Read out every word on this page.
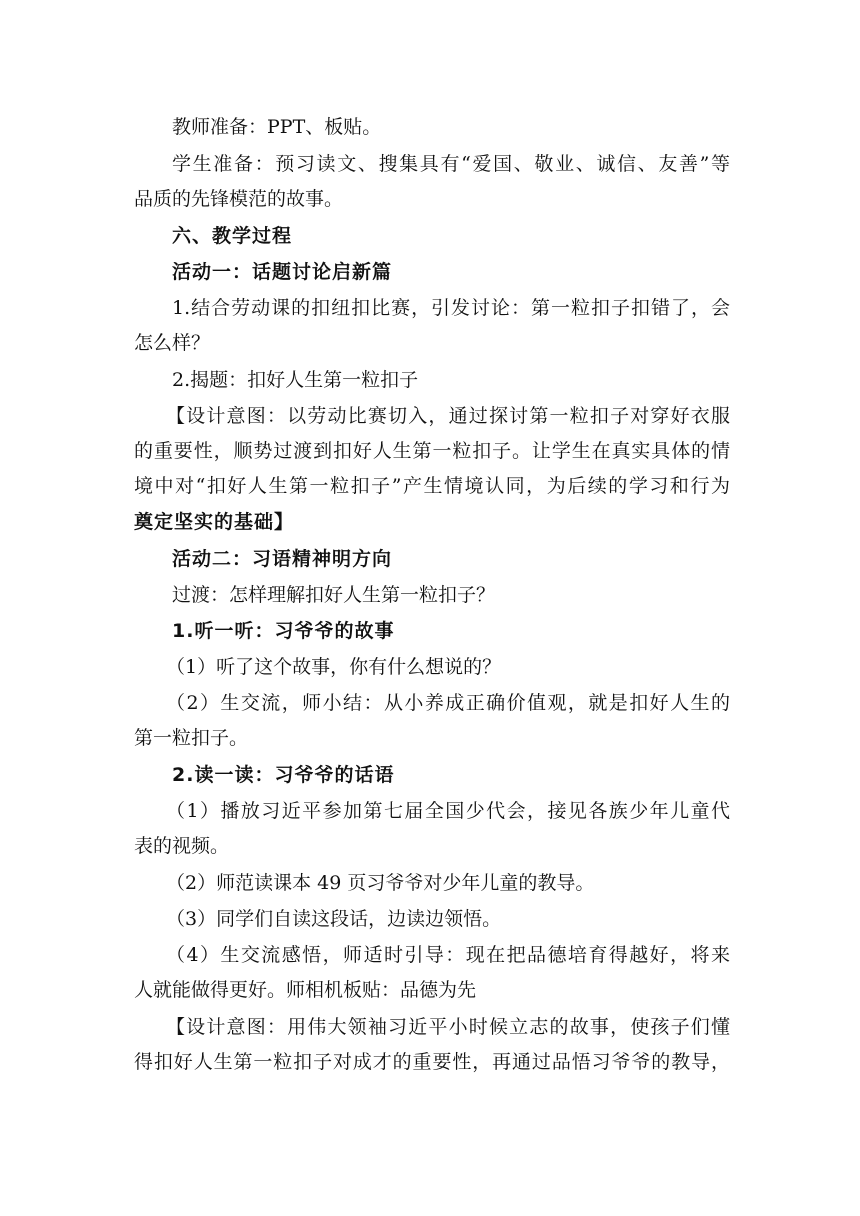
教师准备：PPT、板贴。
学生准备：预习读文、搜集具有“爱国、敬业、诚信、友善”等
品质的先锋模范的故事。
六、教学过程
活动一：话题讨论启新篇
1.结合劳动课的扣纽扣比赛，引发讨论：第一粒扣子扣错了，会
怎么样？
2.揭题：扣好人生第一粒扣子
【设计意图：以劳动比赛切入，通过探讨第一粒扣子对穿好衣服
的重要性，顺势过渡到扣好人生第一粒扣子。让学生在真实具体的情
境中对“扣好人生第一粒扣子”产生情境认同，为后续的学习和行为
奠定坚实的基础】
活动二：习语精神明方向
过渡：怎样理解扣好人生第一粒扣子？
1.听一听：习爷爷的故事
（1）听了这个故事，你有什么想说的？
（2）生交流，师小结：从小养成正确价值观，就是扣好人生的
第一粒扣子。
2.读一读：习爷爷的话语
（1）播放习近平参加第七届全国少代会，接见各族少年儿童代
表的视频。
（2）师范读课本 49 页习爷爷对少年儿童的教导。
（3）同学们自读这段话，边读边领悟。
（4）生交流感悟，师适时引导：现在把品德培育得越好，将来
人就能做得更好。师相机板贴：品德为先
【设计意图：用伟大领袖习近平小时候立志的故事，使孩子们懂
得扣好人生第一粒扣子对成才的重要性，再通过品悟习爷爷的教导，
